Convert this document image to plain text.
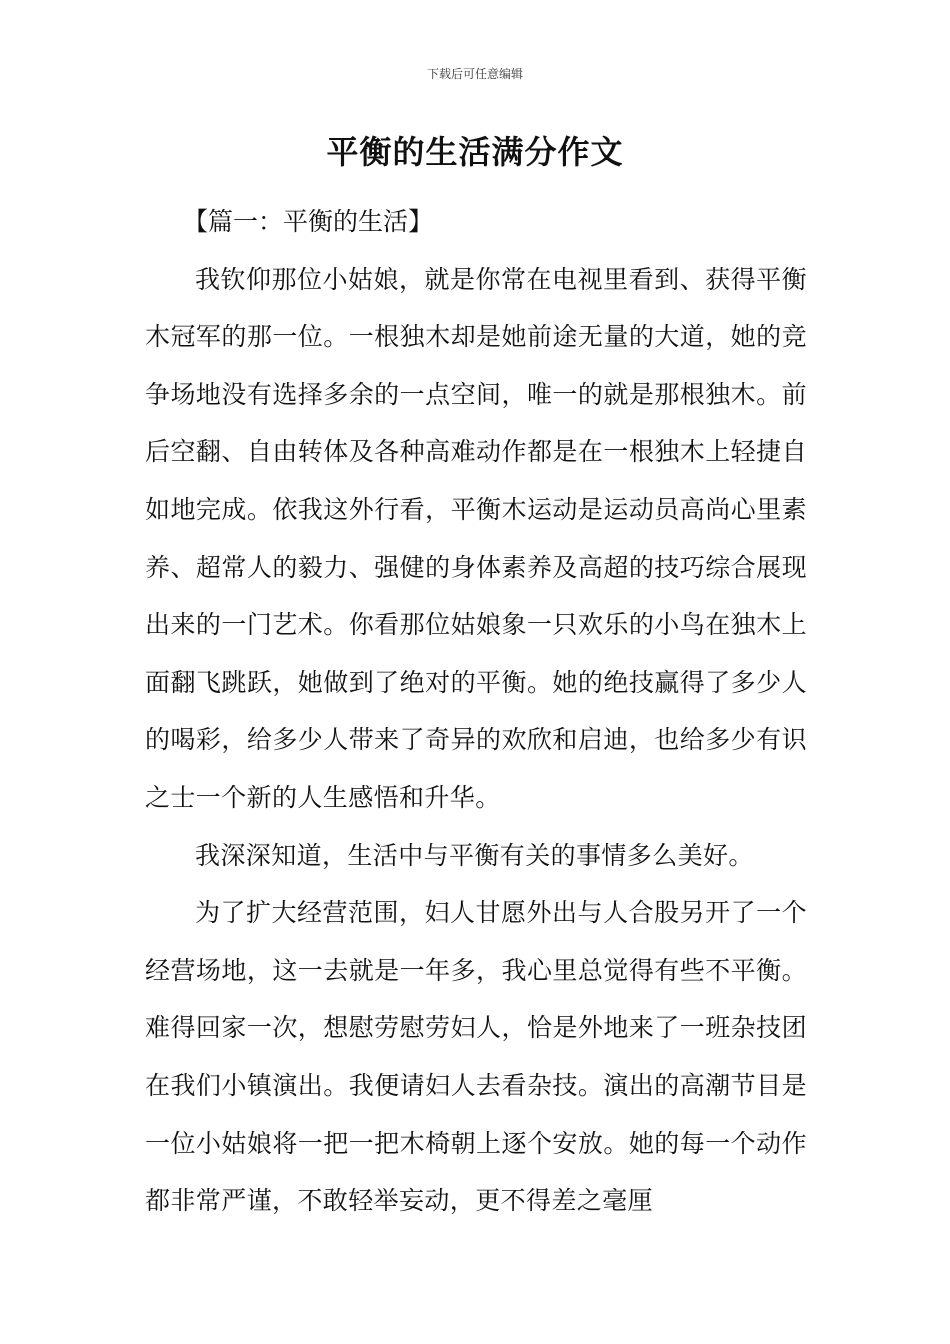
下载后可任意编辑
平衡的生活满分作文

【篇一：平衡的生活】

我钦仰那位小姑娘，就是你常在电视里看到、获得平衡木冠军的那一位。一根独木却是她前途无量的大道，她的竞争场地没有选择多余的一点空间，唯一的就是那根独木。前后空翻、自由转体及各种高难动作都是在一根独木上轻捷自如地完成。依我这外行看，平衡木运动是运动员高尚心里素养、超常人的毅力、强健的身体素养及高超的技巧综合展现出来的一门艺术。你看那位姑娘象一只欢乐的小鸟在独木上面翻飞跳跃，她做到了绝对的平衡。她的绝技赢得了多少人的喝彩，给多少人带来了奇异的欢欣和启迪，也给多少有识之士一个新的人生感悟和升华。

我深深知道，生活中与平衡有关的事情多么美好。

为了扩大经营范围，妇人甘愿外出与人合股另开了一个经营场地，这一去就是一年多，我心里总觉得有些不平衡。难得回家一次，想慰劳慰劳妇人，恰是外地来了一班杂技团在我们小镇演出。我便请妇人去看杂技。演出的高潮节目是一位小姑娘将一把一把木椅朝上逐个安放。她的每一个动作都非常严谨，不敢轻举妄动，更不得差之毫厘
